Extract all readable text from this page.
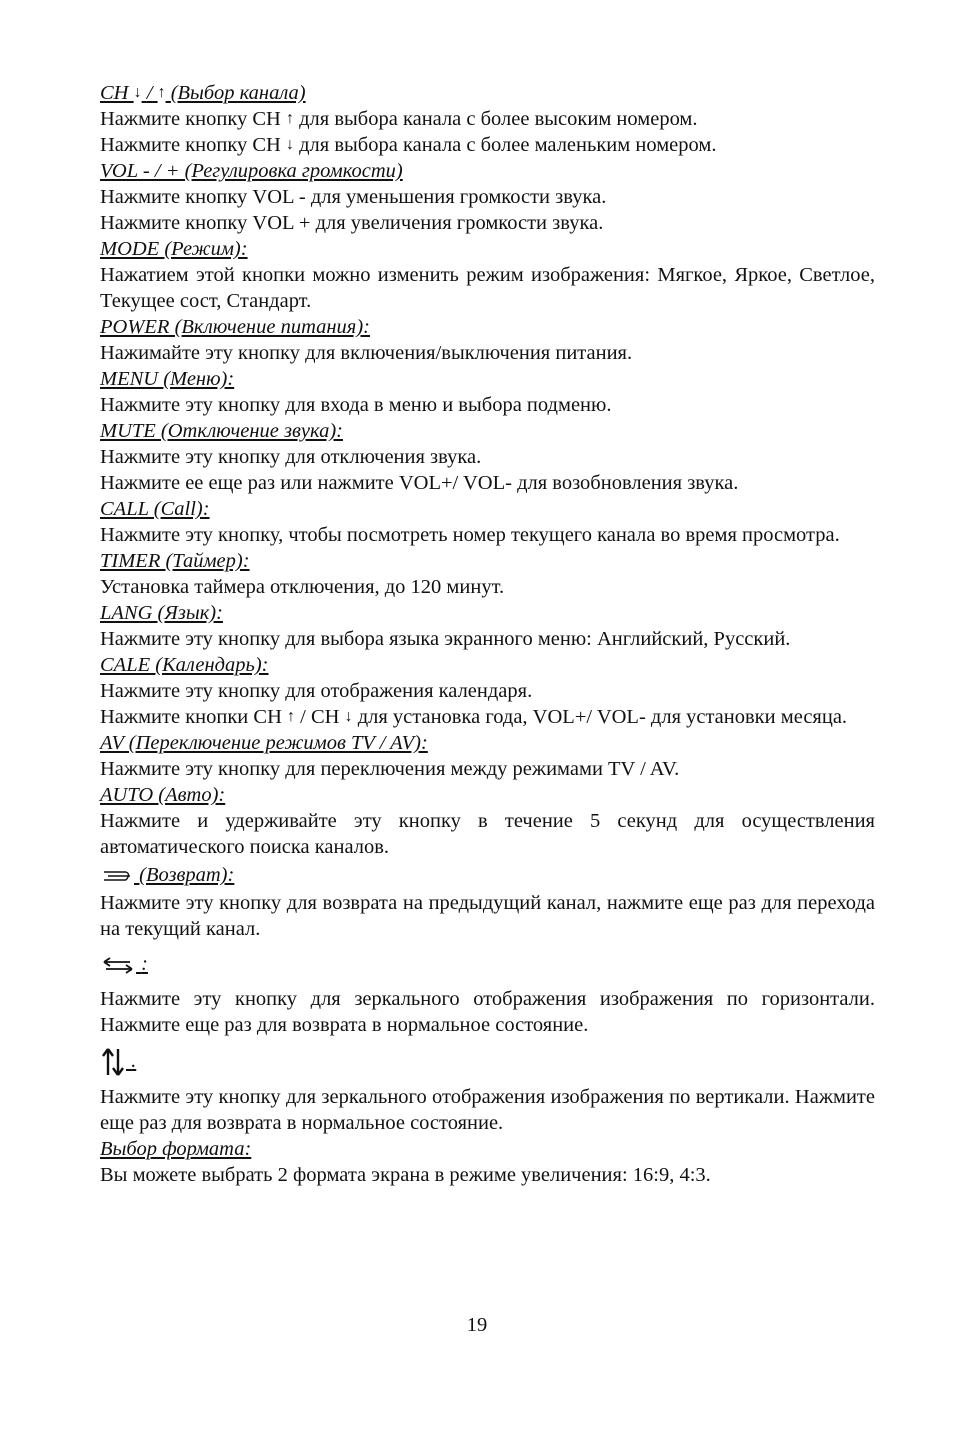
CH ↓ / ↑ (Выбор канала)

Нажмите кнопку CH ↑ для выбора канала с более высоким номером.

Нажмите кнопку CH ↓ для выбора канала с более маленьким номером.

VOL - / + (Регулировка громкости)

Нажмите кнопку VOL - для уменьшения громкости звука.

Нажмите кнопку VOL + для увеличения громкости звука.

MODE (Режим):

Нажатием этой кнопки можно изменить режим изображения: Мягкое, Яркое, Светлое, Текущее сост, Стандарт.

POWER (Включение питания):

Нажимайте эту кнопку для включения/выключения питания.

MENU (Меню):

Нажмите эту кнопку для входа в меню и выбора подменю.

MUTE (Отключение звука):

Нажмите эту кнопку для отключения звука.

Нажмите ее еще раз или нажмите VOL+/ VOL- для возобновления звука.

CALL (Call):

Нажмите эту кнопку, чтобы посмотреть номер текущего канала во время просмотра.

TIMER (Таймер):

Установка таймера отключения, до 120 минут.

LANG (Язык):

Нажмите эту кнопку для выбора языка экранного меню: Английский, Русский.

CALE (Календарь):

Нажмите эту кнопку для отображения календаря.

Нажмите кнопки CH ↑ / CH ↓ для установка года, VOL+/ VOL- для установки месяца.

AV (Переключение режимов TV / AV):

Нажмите эту кнопку для переключения между режимами TV / AV.

AUTO (Авто):

Нажмите и удерживайте эту кнопку в течение 5 секунд для осуществления автоматического поиска каналов.

(Возврат):

Нажмите эту кнопку для возврата на предыдущий канал, нажмите еще раз для перехода на текущий канал.

:

Нажмите эту кнопку для зеркального отображения изображения по горизонтали. Нажмите еще раз для возврата в нормальное состояние.

.

Нажмите эту кнопку для зеркального отображения изображения по вертикали. Нажмите еще раз для возврата в нормальное состояние.

Выбор формата:

Вы можете выбрать 2 формата экрана в режиме увеличения: 16:9, 4:3.

19
